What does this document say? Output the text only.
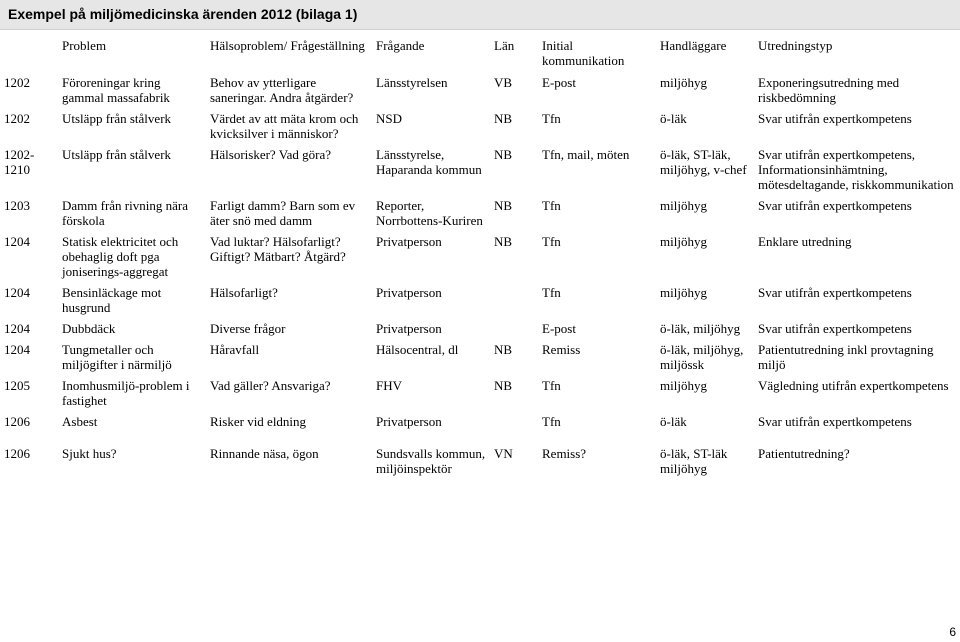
Exempel på miljömedicinska ärenden 2012 (bilaga 1)
	Problem	Hälsoproblem/ Frågeställning	Frågande	Län	Initial kommunikation	Handläggare	Utredningstyp
1202	Föroreningar kring gammal massafabrik	Behov av ytterligare saneringar. Andra åtgärder?	Länsstyrelsen	VB	E-post	miljöhyg	Exponeringsutredning med riskbedömning
1202	Utsläpp från stålverk	Värdet av att mäta krom och kvicksilver i människor?	NSD	NB	Tfn	ö-läk	Svar utifrån expertkompetens
1202-1210	Utsläpp från stålverk	Hälsorisker? Vad göra?	Länsstyrelse, Haparanda kommun	NB	Tfn, mail, möten	ö-läk, ST-läk, miljöhyg, v-chef	Svar utifrån expertkompetens, Informationsinhämtning, mötesdeltagande, riskkommunikation
1203	Damm från rivning nära förskola	Farligt damm? Barn som ev äter snö med damm	Reporter, Norrbottens-Kuriren	NB	Tfn	miljöhyg	Svar utifrån expertkompetens
1204	Statisk elektricitet och obehaglig doft pga joniserings-aggregat	Vad luktar? Hälsofarligt? Giftigt? Mätbart? Åtgärd?	Privatperson	NB	Tfn	miljöhyg	Enklare utredning
1204	Bensinläckage mot husgrund	Hälsofarligt?	Privatperson		Tfn	miljöhyg	Svar utifrån expertkompetens
1204	Dubbdäck	Diverse frågor	Privatperson		E-post	ö-läk, miljöhyg	Svar utifrån expertkompetens
1204	Tungmetaller och miljögifter i närmiljö	Håravfall	Hälsocentral, dl	NB	Remiss	ö-läk, miljöhyg, miljössk	Patientutredning inkl provtagning miljö
1205	Inomhusmiljö-problem i fastighet	Vad gäller? Ansvariga?	FHV	NB	Tfn	miljöhyg	Vägledning utifrån expertkompetens
1206	Asbest	Risker vid eldning	Privatperson		Tfn	ö-läk	Svar utifrån expertkompetens
1206	Sjukt hus?	Rinnande näsa, ögon	Sundsvalls kommun, miljöinspektör	VN	Remiss?	ö-läk, ST-läk miljöhyg	Patientutredning?
6
